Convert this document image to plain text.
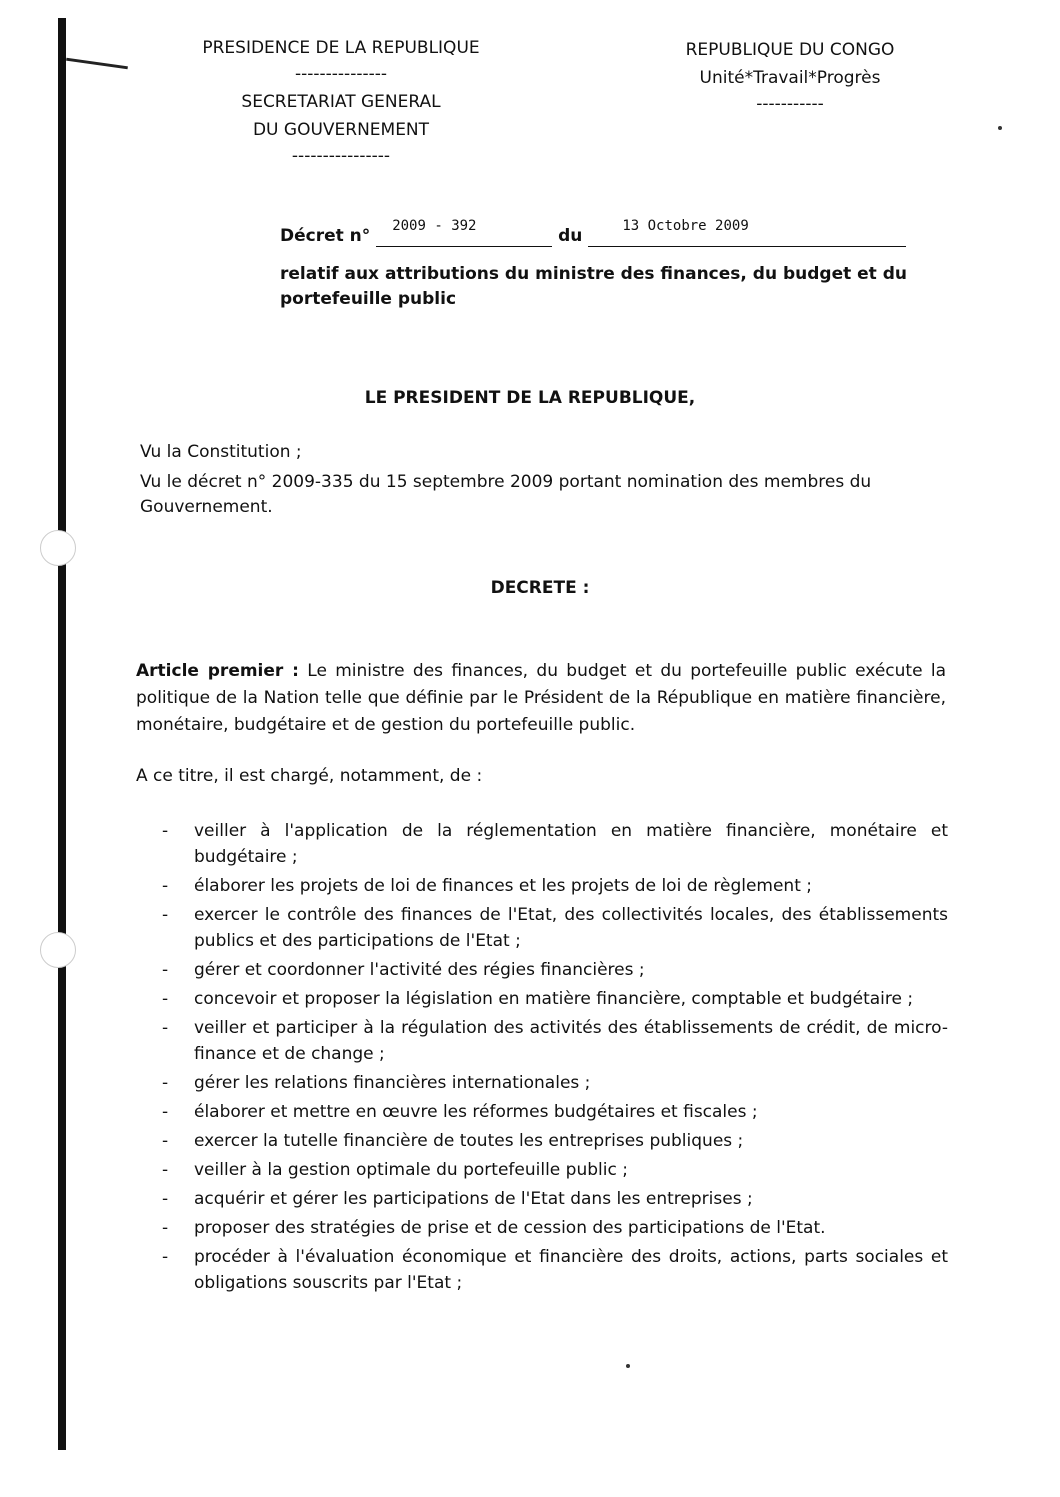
PRESIDENCE DE LA REPUBLIQUE
---------------
SECRETARIAT GENERAL
DU GOUVERNEMENT
----------------
REPUBLIQUE DU CONGO
Unité*Travail*Progrès
-----------
Décret n° 2009 - 392	du	13 Octobre 2009

relatif aux attributions du ministre des finances, du budget et du portefeuille public
LE PRESIDENT DE LA REPUBLIQUE,
Vu la Constitution ;
Vu le décret n° 2009-335 du 15 septembre 2009 portant nomination des membres du Gouvernement.
DECRETE :
Article premier : Le ministre des finances, du budget et du portefeuille public exécute la politique de la Nation telle que définie par le Président de la République en matière financière, monétaire, budgétaire et de gestion du portefeuille public.
A ce titre, il est chargé, notamment, de :
- veiller à l'application de la réglementation en matière financière, monétaire et budgétaire ;
- élaborer les projets de loi de finances et les projets de loi de règlement ;
- exercer le contrôle des finances de l'Etat, des collectivités locales, des établissements publics et des participations de l'Etat ;
- gérer et coordonner l'activité des régies financières ;
- concevoir et proposer la législation en matière financière, comptable et budgétaire ;
- veiller et participer à la régulation des activités des établissements de crédit, de micro-finance et de change ;
- gérer les relations financières internationales ;
- élaborer et mettre en œuvre les réformes budgétaires et fiscales ;
- exercer la tutelle financière de toutes les entreprises publiques ;
- veiller à la gestion optimale du portefeuille public ;
- acquérir et gérer les participations de l'Etat dans les entreprises ;
- proposer des stratégies de prise et de cession des participations de l'Etat.
- procéder à l'évaluation économique et financière des droits, actions, parts sociales et obligations souscrits par l'Etat ;
